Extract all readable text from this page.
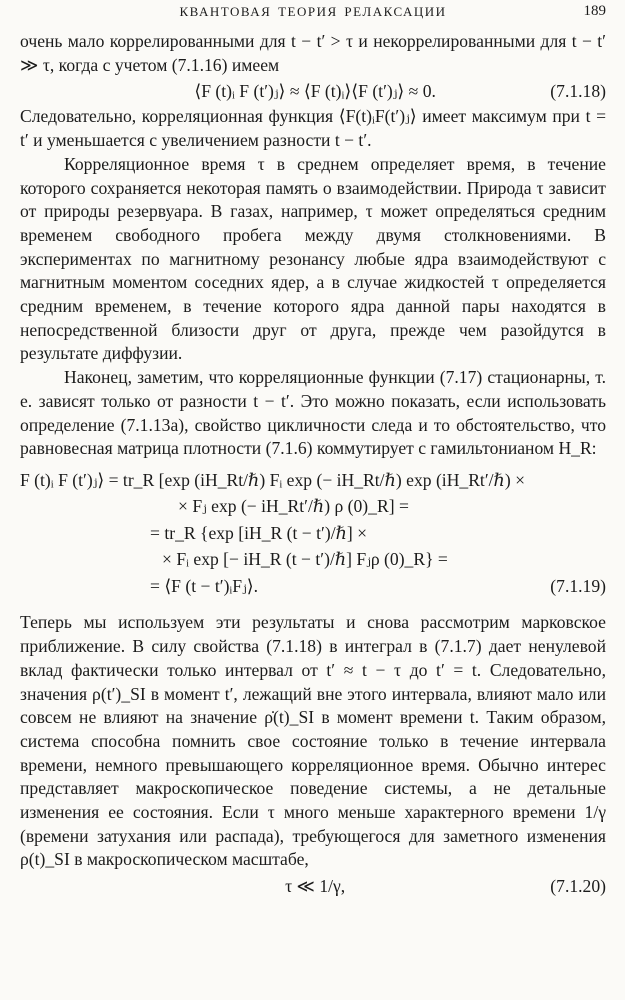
КВАНТОВАЯ ТЕОРИЯ РЕЛАКСАЦИИ	189

очень мало коррелированными для t − t′ > τ и некоррелированными для t − t′ ≫ τ, когда с учетом (7.1.16) имеем

⟨F (t)ᵢ F (t′)ⱼ⟩ ≈ ⟨F (t)ᵢ⟩⟨F (t′)ⱼ⟩ ≈ 0.	(7.1.18)

Следовательно, корреляционная функция ⟨F(t)ᵢF(t′)ⱼ⟩ имеет максимум при t = t′ и уменьшается с увеличением разности t − t′.

Корреляционное время τ в среднем определяет время, в течение которого сохраняется некоторая память о взаимодействии. Природа τ зависит от природы резервуара. В газах, например, τ может определяться средним временем свободного пробега между двумя столкновениями. В экспериментах по магнитному резонансу любые ядра взаимодействуют с магнитным моментом соседних ядер, а в случае жидкостей τ определяется средним временем, в течение которого ядра данной пары находятся в непосредственной близости друг от друга, прежде чем разойдутся в результате диффузии.

Наконец, заметим, что корреляционные функции (7.17) стационарны, т. е. зависят только от разности t − t′. Это можно показать, если использовать определение (7.1.13а), свойство цикличности следа и то обстоятельство, что равновесная матрица плотности (7.1.6) коммутирует с гамильтонианом H_R:

F (t)ᵢ F (t′)ⱼ⟩ = tr_R [exp (iH_Rt/ℏ) Fᵢ exp (− iH_Rt/ℏ) exp (iH_Rt′/ℏ) ×
× Fⱼ exp (− iH_Rt′/ℏ) ρ (0)_R] =
= tr_R {exp [iH_R (t − t′)/ℏ] ×
× Fᵢ exp [− iH_R (t − t′)/ℏ] Fⱼρ (0)_R} =
= ⟨F (t − t′)ᵢFⱼ⟩.	(7.1.19)

Теперь мы используем эти результаты и снова рассмотрим марковское приближение. В силу свойства (7.1.18) в интеграл в (7.1.7) дает ненулевой вклад фактически только интервал от t′ ≈ t − τ до t′ = t. Следовательно, значения ρ(t′)_SI в момент t′, лежащий вне этого интервала, влияют мало или совсем не влияют на значение ρ̇(t)_SI в момент времени t. Таким образом, система способна помнить свое состояние только в течение интервала времени, немного превышающего корреляционное время. Обычно интерес представляет макроскопическое поведение системы, а не детальные изменения ее состояния. Если τ много меньше характерного времени 1/γ (времени затухания или распада), требующегося для заметного изменения ρ(t)_SI в макроскопическом масштабе,

τ ≪ 1/γ,	(7.1.20)
